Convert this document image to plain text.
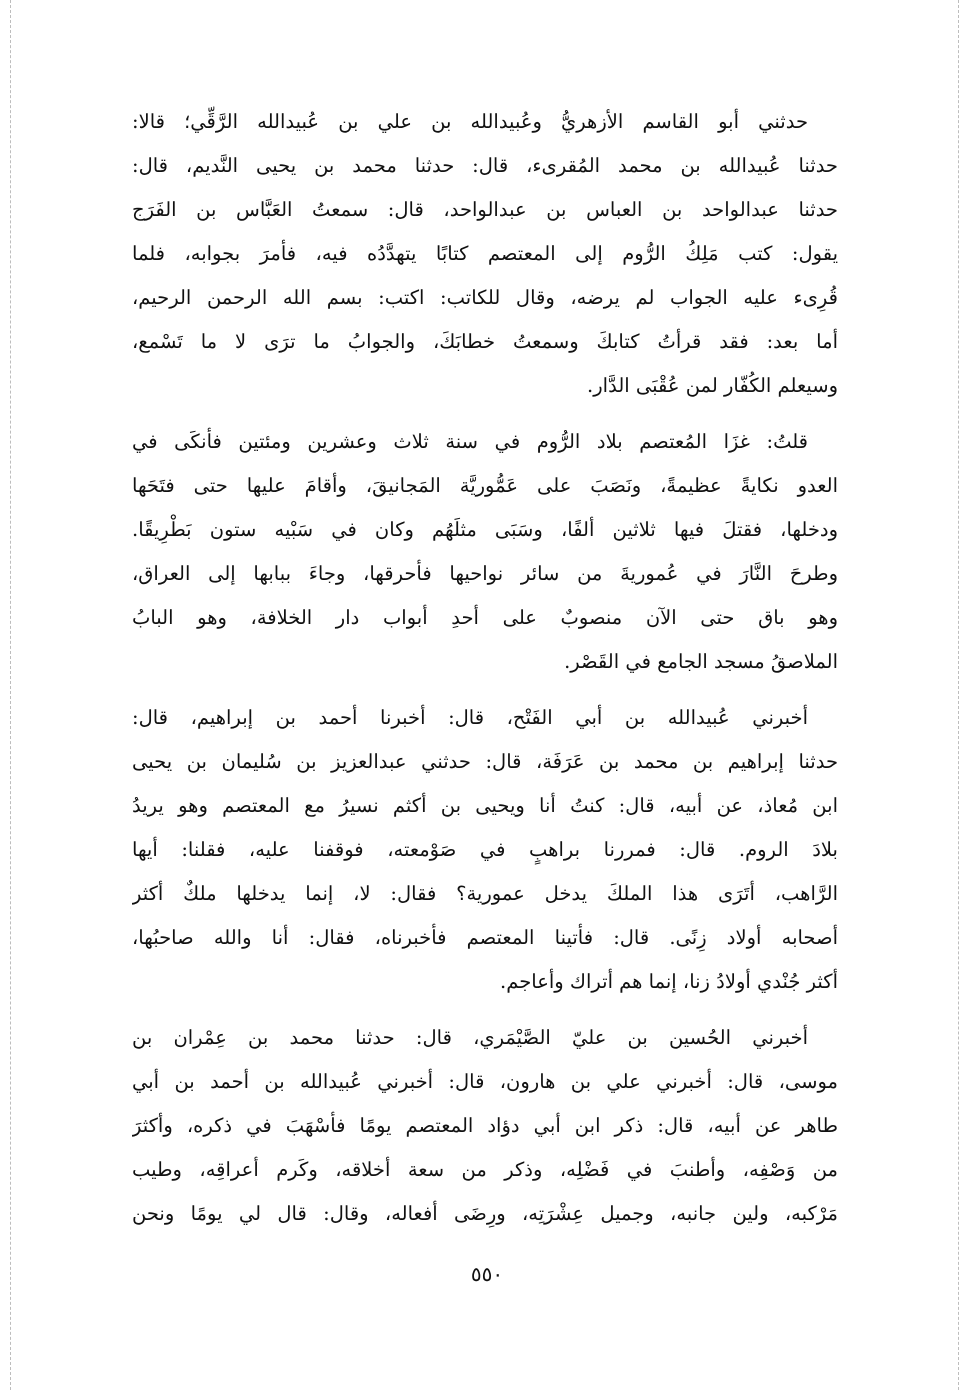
حدثني أبو القاسم الأزهريُّ وعُبيدالله بن علي بن عُبيدالله الرَّقِّي؛ قالا:
حدثنا عُبيدالله بن محمد المُقرىء، قال: حدثنا محمد بن يحيى النَّديم، قال:
حدثنا عبدالواحد بن العباس بن عبدالواحد، قال: سمعتُ العَبَّاس بن الفَرَج
يقول: كتب مَلِكُ الرُّوم إلى المعتصم كتابًا يتهدَّدُه فيه، فأمرَ بجوابه، فلما
قُرِىء عليه الجواب لم يرضه، وقال للكاتب: اكتب: بسم الله الرحمن الرحيم،
أما بعد: فقد قرأتُ كتابكَ وسمعتُ خطابَكَ، والجوابُ ما ترَى لا ما تَسْمع،
وسيعلم الكُفّار لمن عُقْبَى الدَّار.
قلتُ: غزَا المُعتصم بلاد الرُّوم في سنة ثلاث وعشرين ومئتين فأنكَى في
العدو نكايةً عظيمةً، ونَصَبَ على عَمُّوريَّة المَجانيقَ، وأقامَ عليها حتى فتَحَها
ودخلها، فقتلَ فيها ثلاثين ألفًا، وسَبَى مثلَهُم وكان في سَبْيه ستون بَطْرِيقًا.
وطرحَ النَّارَ في عُموريةَ من سائر نواحيها فأحرقها، وجاءَ ببابها إلى العراق،
وهو باق حتى الآن منصوبٌ على أحدِ أبواب دار الخلافة، وهو البابُ
الملاصقُ مسجد الجامع في القَصْر.
أخبرني عُبيدالله بن أبي الفَتْح، قال: أخبرنا أحمد بن إبراهيم، قال:
حدثنا إبراهيم بن محمد بن عَرَفَة، قال: حدثني عبدالعزيز بن سُليمان بن يحيى
ابن مُعاذ، عن أبيه، قال: كنتُ أنا ويحيى بن أكثم نسيرُ مع المعتصم وهو يريدُ
بلادَ الروم. قال: فمررنا براهبٍ في صَوْمعته، فوقفنا عليه، فقلنا: أيها
الرَّاهب، أتَرَى هذا الملكَ يدخل عمورية؟ فقال: لا، إنما يدخلها ملكٌ أكثر
أصحابه أولاد زِنًى. قال: فأتينا المعتصم فأخبرناه، فقال: أنا والله صاحبُها،
أكثر جُنْدي أولادُ زنا، إنما هم أتراك وأعاجم.
أخبرني الحُسين بن عليّ الصَّيْمَري، قال: حدثنا محمد بن عِمْران بن
موسى، قال: أخبرني علي بن هارون، قال: أخبرني عُبيدالله بن أحمد بن أبي
طاهر عن أبيه، قال: ذكر ابن أبي دؤاد المعتصم يومًا فأسْهَبَ في ذكره، وأكثرَ
من وَصْفِه، وأطنبَ في فَضْلِه، وذكر من سعة أخلاقه، وكَرم أعراقِه، وطيب
مَرْكبه، ولين جانبه، وجميل عِشْرَتِه، ورِضَى أفعاله، وقال: قال لي يومًا ونحن
٥٥٠
